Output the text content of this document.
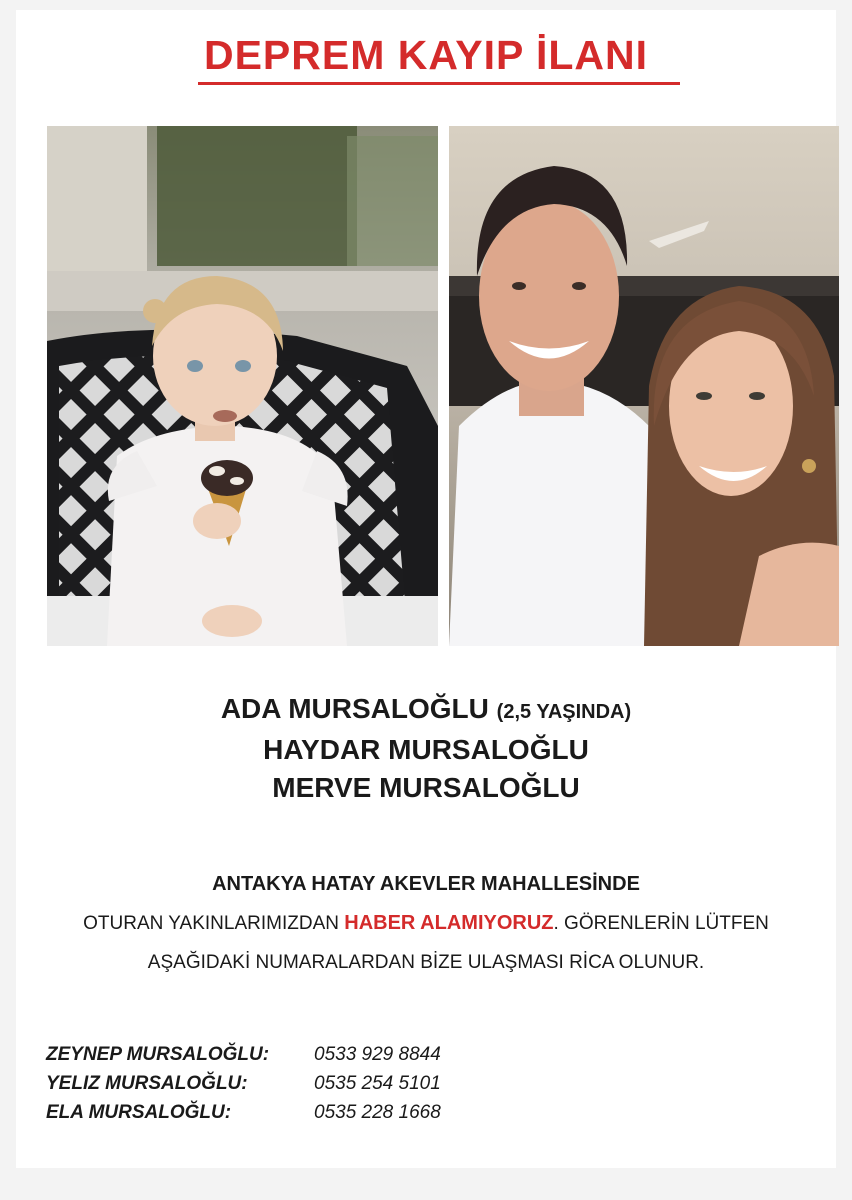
DEPREM KAYIP İLANI
ADA MURSALOĞLU (2,5 YAŞINDA)
HAYDAR MURSALOĞLU
MERVE MURSALOĞLU
ANTAKYA HATAY AKEVLER MAHALLESİNDE
OTURAN YAKINLARIMIZDAN HABER ALAMIYORUZ. GÖRENLERİN LÜTFEN
AŞAĞIDAKİ NUMARALARDAN BİZE ULAŞMASI RİCA OLUNUR.
ZEYNEP MURSALOĞLU: 0533 929 8844
YELIZ MURSALOĞLU:	0535 254 5101
ELA MURSALOĞLU:	0535 228 1668
